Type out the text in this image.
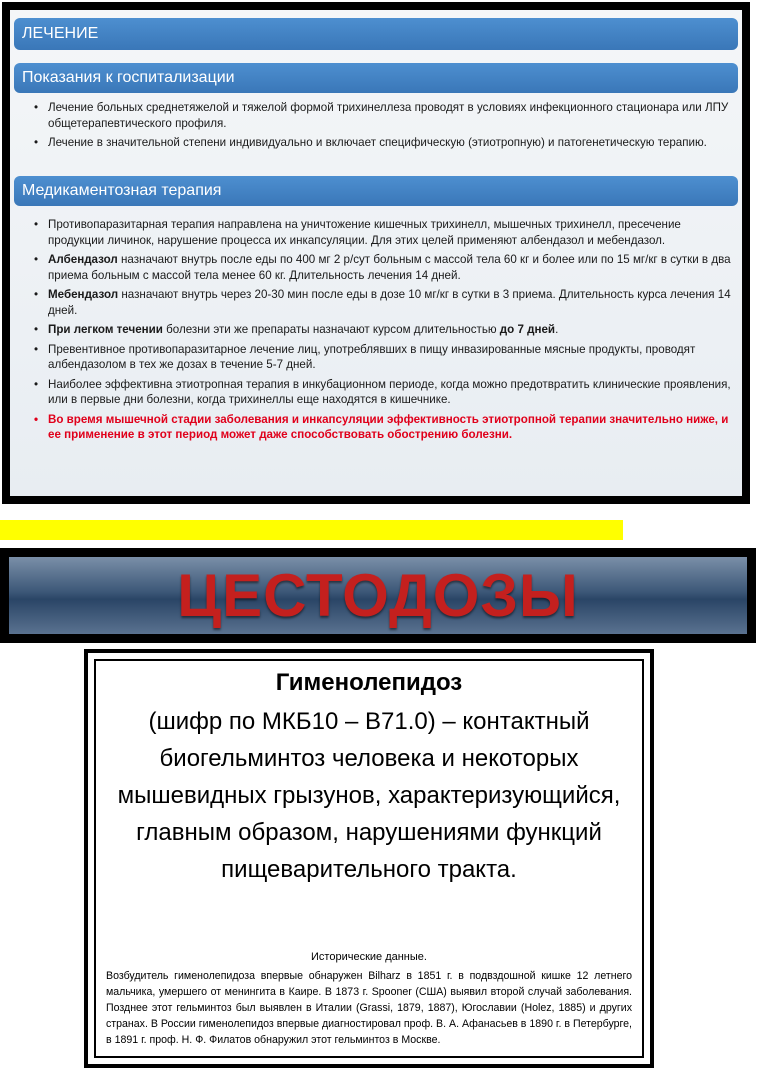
ЛЕЧЕНИЕ
Показания к госпитализации
• Лечение больных среднетяжелой и тяжелой формой трихинеллеза проводят в условиях инфекционного стационара или ЛПУ общетерапевтического профиля.
• Лечение в значительной степени индивидуально и включает специфическую (этиотропную) и патогенетическую терапию.
Медикаментозная терапия
• Противопаразитарная терапия направлена на уничтожение кишечных трихинелл, мышечных трихинелл, пресечение продукции личинок, нарушение процесса их инкапсуляции. Для этих целей применяют албендазол и мебендазол.
• Албендазол назначают внутрь после еды по 400 мг 2 р/сут больным с массой тела 60 кг и более или по 15 мг/кг в сутки в два приема больным с массой тела менее 60 кг. Длительность лечения 14 дней.
• Мебендазол назначают внутрь через 20-30 мин после еды в дозе 10 мг/кг в сутки в 3 приема. Длительность курса лечения 14 дней.
• При легком течении болезни эти же препараты назначают курсом длительностью до 7 дней.
• Превентивное противопаразитарное лечение лиц, употреблявших в пищу инвазированные мясные продукты, проводят албендазолом в тех же дозах в течение 5-7 дней.
• Наиболее эффективна этиотропная терапия в инкубационном периоде, когда можно предотвратить клинические проявления, или в первые дни болезни, когда трихинеллы еще находятся в кишечнике.
• Во время мышечной стадии заболевания и инкапсуляции эффективность этиотропной терапии значительно ниже, и ее применение в этот период может даже способствовать обострению болезни.
ЦЕСТОДОЗЫ
Гименолепидоз
(шифр по МКБ10 – В71.0) – контактный биогельминтоз человека и некоторых мышевидных грызунов, характеризующийся, главным образом, нарушениями функций пищеварительного тракта.
Исторические данные.
Возбудитель гименолепидоза впервые обнаружен Bilharz в 1851 г. в подвздошной кишке 12 летнего мальчика, умершего от менингита в Каире. В 1873 г. Spooner (США) выявил второй случай заболевания. Позднее этот гельминтоз был выявлен в Италии (Grassi, 1879, 1887), Югославии (Holez, 1885) и других странах. В России гименолепидоз впервые диагностировал проф. В. А. Афанасьев в 1890 г. в Петербурге, в 1891 г. проф. Н. Ф. Филатов обнаружил этот гельминтоз в Москве.
